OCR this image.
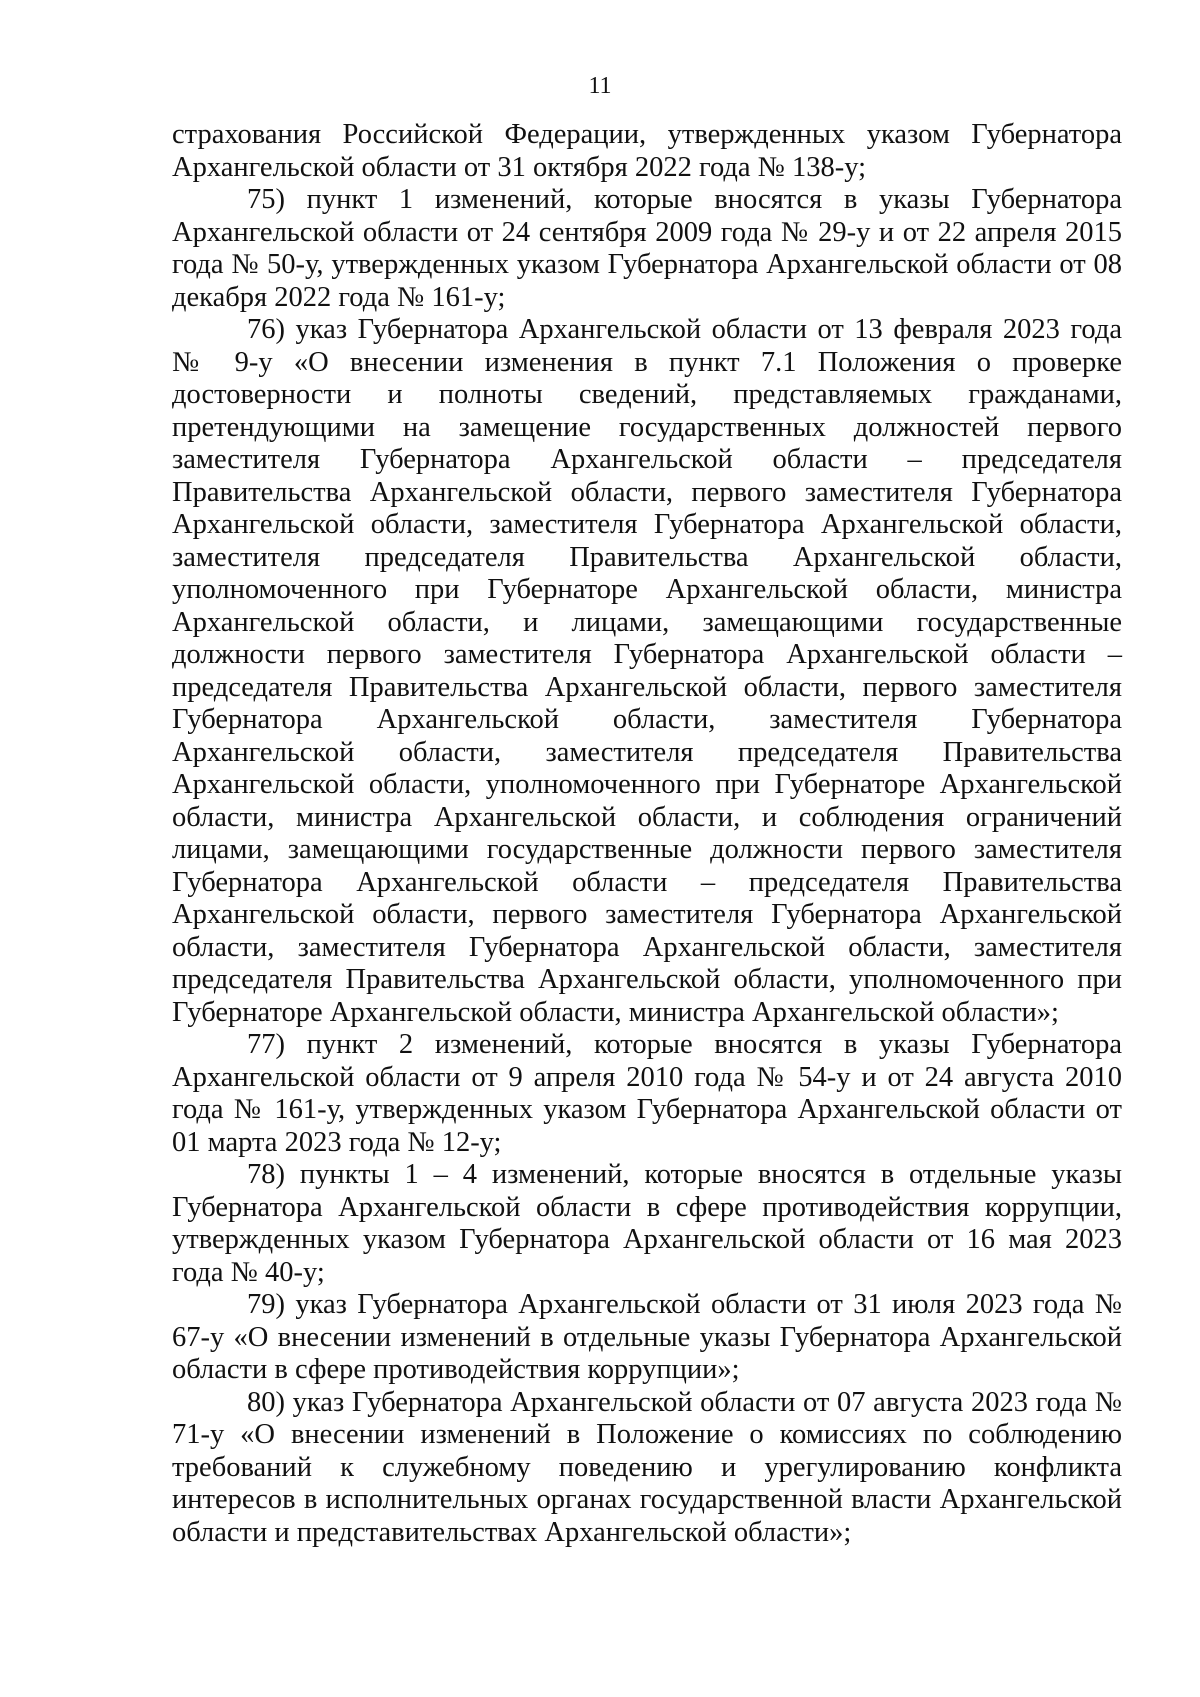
11

страхования Российской Федерации, утвержденных указом Губернатора Архангельской области от 31 октября 2022 года № 138-у;

75) пункт 1 изменений, которые вносятся в указы Губернатора Архангельской области от 24 сентября 2009 года № 29-у и от 22 апреля 2015 года № 50-у, утвержденных указом Губернатора Архангельской области от 08 декабря 2022 года № 161-у;

76) указ Губернатора Архангельской области от 13 февраля 2023 года № 9-у «О внесении изменения в пункт 7.1 Положения о проверке достоверности и полноты сведений, представляемых гражданами, претендующими на замещение государственных должностей первого заместителя Губернатора Архангельской области – председателя Правительства Архангельской области, первого заместителя Губернатора Архангельской области, заместителя Губернатора Архангельской области, заместителя председателя Правительства Архангельской области, уполномоченного при Губернаторе Архангельской области, министра Архангельской области, и лицами, замещающими государственные должности первого заместителя Губернатора Архангельской области – председателя Правительства Архангельской области, первого заместителя Губернатора Архангельской области, заместителя Губернатора Архангельской области, заместителя председателя Правительства Архангельской области, уполномоченного при Губернаторе Архангельской области, министра Архангельской области, и соблюдения ограничений лицами, замещающими государственные должности первого заместителя Губернатора Архангельской области – председателя Правительства Архангельской области, первого заместителя Губернатора Архангельской области, заместителя Губернатора Архангельской области, заместителя председателя Правительства Архангельской области, уполномоченного при Губернаторе Архангельской области, министра Архангельской области»;

77) пункт 2 изменений, которые вносятся в указы Губернатора Архангельской области от 9 апреля 2010 года № 54-у и от 24 августа 2010 года № 161-у, утвержденных указом Губернатора Архангельской области от 01 марта 2023 года № 12-у;

78) пункты 1 – 4 изменений, которые вносятся в отдельные указы Губернатора Архангельской области в сфере противодействия коррупции, утвержденных указом Губернатора Архангельской области от 16 мая 2023 года № 40-у;

79) указ Губернатора Архангельской области от 31 июля 2023 года № 67-у «О внесении изменений в отдельные указы Губернатора Архангельской области в сфере противодействия коррупции»;

80) указ Губернатора Архангельской области от 07 августа 2023 года № 71-у «О внесении изменений в Положение о комиссиях по соблюдению требований к служебному поведению и урегулированию конфликта интересов в исполнительных органах государственной власти Архангельской области и представительствах Архангельской области»;
